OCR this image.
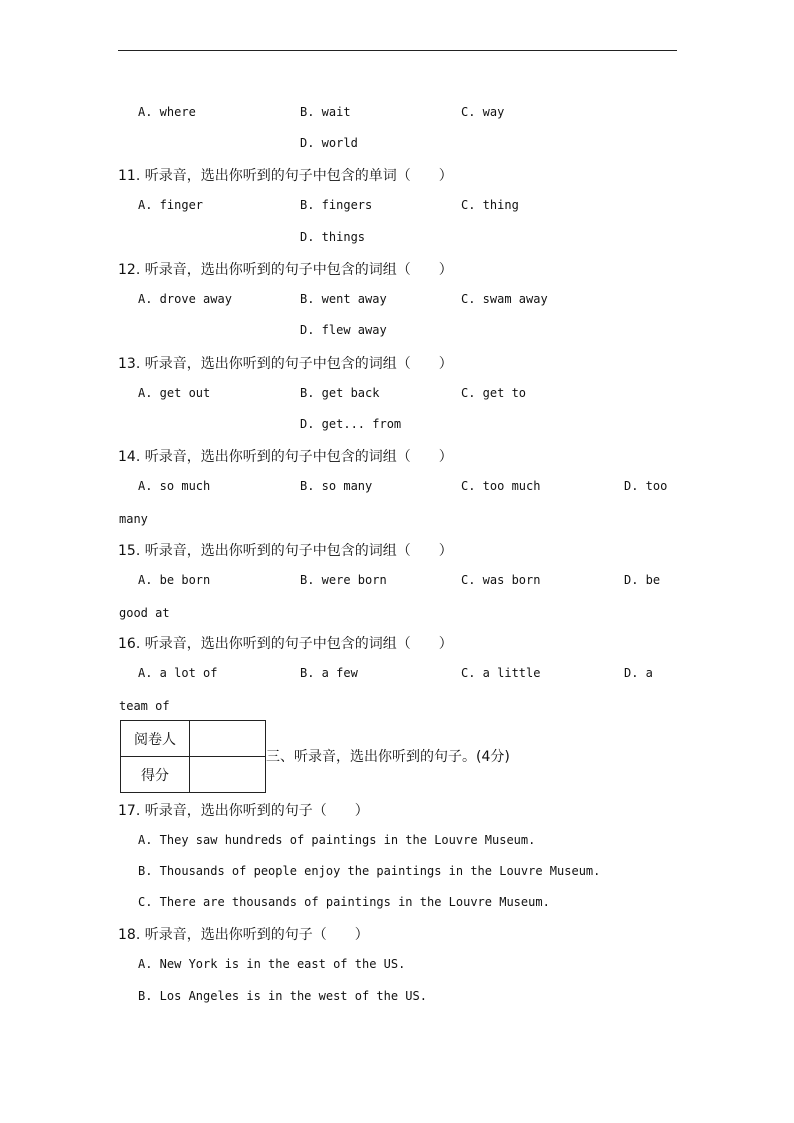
A. where	B. wait	C. way
D. world
11. 听录音，选出你听到的句子中包含的单词（　　）
A. finger	B. fingers	C. thing
D. things
12. 听录音，选出你听到的句子中包含的词组（　　）
A. drove away	B. went away	C. swam away
D. flew away
13. 听录音，选出你听到的句子中包含的词组（　　）
A. get out	B. get back	C. get to
D. get... from
14. 听录音，选出你听到的句子中包含的词组（　　）
A. so much	B. so many	C. too much	D. too
many
15. 听录音，选出你听到的句子中包含的词组（　　）
A. be born	B. were born	C. was born	D. be
good at
16. 听录音，选出你听到的句子中包含的词组（　　）
A. a lot of	B. a few	C. a little	D. a
team of
阅卷人	
得分	
三、听录音，选出你听到的句子。(4分)
17. 听录音，选出你听到的句子（　　）
A. They saw hundreds of paintings in the Louvre Museum.
B. Thousands of people enjoy the paintings in the Louvre Museum.
C. There are thousands of paintings in the Louvre Museum.
18. 听录音，选出你听到的句子（　　）
A. New York is in the east of the US.
B. Los Angeles is in the west of the US.
